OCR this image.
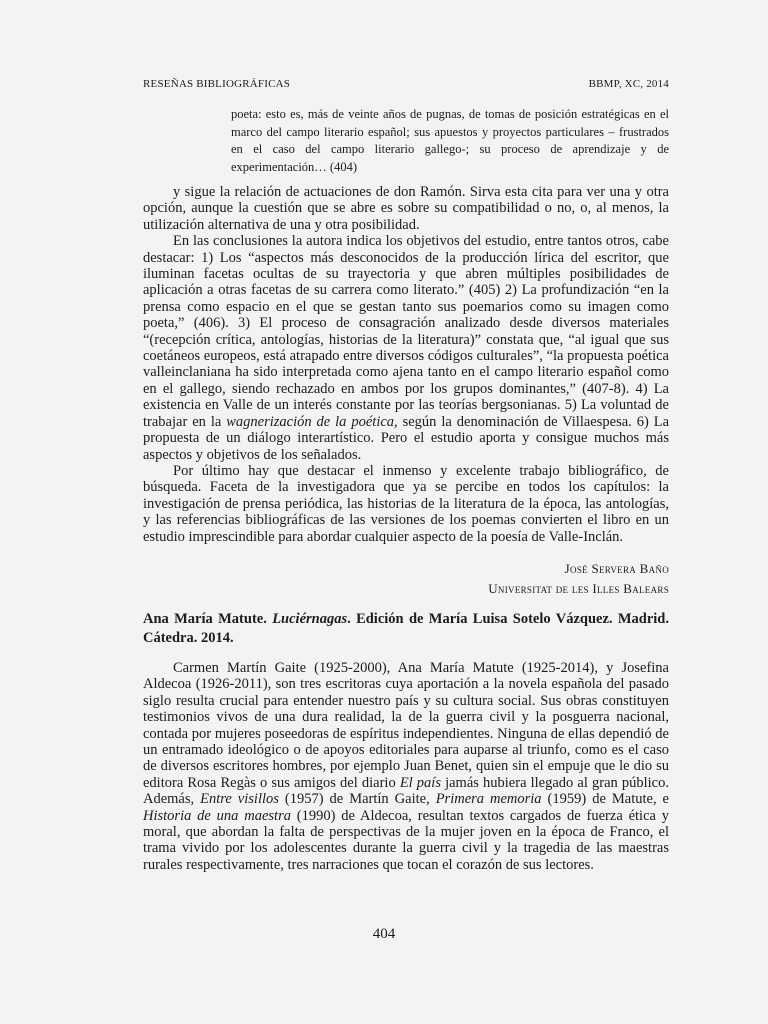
RESEÑAS BIBLIOGRÁFICAS	BBMP, XC, 2014
poeta: esto es, más de veinte años de pugnas, de tomas de posición estratégicas en el marco del campo literario español; sus apuestos y proyectos particulares – frustrados en el caso del campo literario gallego-; su proceso de aprendizaje y de experimentación… (404)

y sigue la relación de actuaciones de don Ramón. Sirva esta cita para ver una y otra opción, aunque la cuestión que se abre es sobre su compatibilidad o no, o, al menos, la utilización alternativa de una y otra posibilidad.

En las conclusiones la autora indica los objetivos del estudio, entre tantos otros, cabe destacar: 1) Los “aspectos más desconocidos de la producción lírica del escritor, que iluminan facetas ocultas de su trayectoria y que abren múltiples posibilidades de aplicación a otras facetas de su carrera como literato.” (405) 2) La profundización “en la prensa como espacio en el que se gestan tanto sus poemarios como su imagen como poeta,” (406). 3) El proceso de consagración analizado desde diversos materiales “(recepción crítica, antologías, historias de la literatura)” constata que, “al igual que sus coetáneos europeos, está atrapado entre diversos códigos culturales”, “la propuesta poética valleinclaniana ha sido interpretada como ajena tanto en el campo literario español como en el gallego, siendo rechazado en ambos por los grupos dominantes,” (407-8). 4) La existencia en Valle de un interés constante por las teorías bergsonianas. 5) La voluntad de trabajar en la wagnerización de la poética, según la denominación de Villaespesa. 6) La propuesta de un diálogo interartístico. Pero el estudio aporta y consigue muchos más aspectos y objetivos de los señalados.

Por último hay que destacar el inmenso y excelente trabajo bibliográfico, de búsqueda. Faceta de la investigadora que ya se percibe en todos los capítulos: la investigación de prensa periódica, las historias de la literatura de la época, las antologías, y las referencias bibliográficas de las versiones de los poemas convierten el libro en un estudio imprescindible para abordar cualquier aspecto de la poesía de Valle-Inclán.

José Servera Baño
Universitat de les Illes Balears
Ana María Matute. Luciérnagas. Edición de María Luisa Sotelo Vázquez. Madrid. Cátedra. 2014.

Carmen Martín Gaite (1925-2000), Ana María Matute (1925-2014), y Josefina Aldecoa (1926-2011), son tres escritoras cuya aportación a la novela española del pasado siglo resulta crucial para entender nuestro país y su cultura social. Sus obras constituyen testimonios vivos de una dura realidad, la de la guerra civil y la posguerra nacional, contada por mujeres poseedoras de espíritus independientes. Ninguna de ellas dependió de un entramado ideológico o de apoyos editoriales para auparse al triunfo, como es el caso de diversos escritores hombres, por ejemplo Juan Benet, quien sin el empuje que le dio su editora Rosa Regàs o sus amigos del diario El país jamás hubiera llegado al gran público. Además, Entre visillos (1957) de Martín Gaite, Primera memoria (1959) de Matute, e Historia de una maestra (1990) de Aldecoa, resultan textos cargados de fuerza ética y moral, que abordan la falta de perspectivas de la mujer joven en la época de Franco, el trama vivido por los adolescentes durante la guerra civil y la tragedia de las maestras rurales respectivamente, tres narraciones que tocan el corazón de sus lectores.

404
